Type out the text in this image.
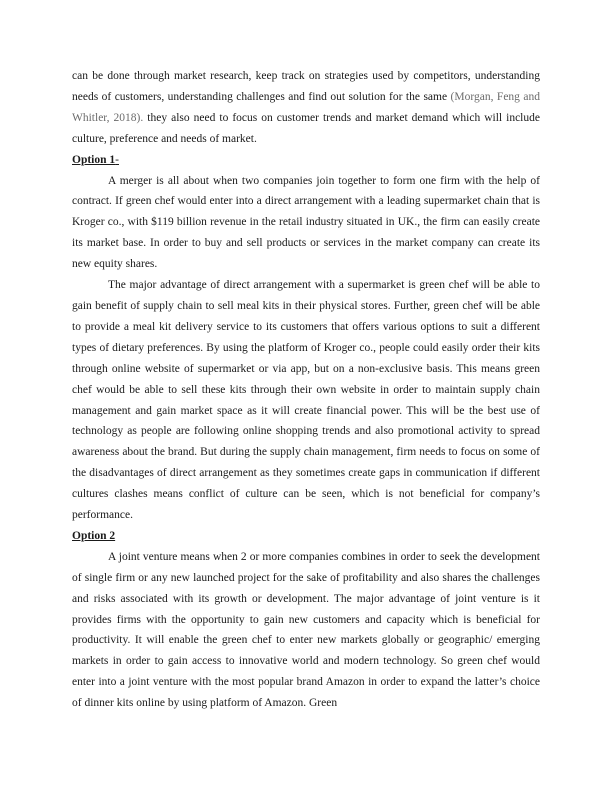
can be done through market research, keep track on strategies used by competitors, understanding needs of customers, understanding challenges and find out solution for the same (Morgan, Feng and Whitler, 2018). they also need to focus on customer trends and market demand which will include culture, preference and needs of market.

Option 1-

A merger is all about when two companies join together to form one firm with the help of contract. If green chef would enter into a direct arrangement with a leading supermarket chain that is Kroger co., with $119 billion revenue in the retail industry situated in UK., the firm can easily create its market base. In order to buy and sell products or services in the market company can create its new equity shares.

The major advantage of direct arrangement with a supermarket is green chef will be able to gain benefit of supply chain to sell meal kits in their physical stores. Further, green chef will be able to provide a meal kit delivery service to its customers that offers various options to suit a different types of dietary preferences. By using the platform of Kroger co., people could easily order their kits through online website of supermarket or via app, but on a non-exclusive basis. This means green chef would be able to sell these kits through their own website in order to maintain supply chain management and gain market space as it will create financial power. This will be the best use of technology as people are following online shopping trends and also promotional activity to spread awareness about the brand. But during the supply chain management, firm needs to focus on some of the disadvantages of direct arrangement as they sometimes create gaps in communication if different cultures clashes means conflict of culture can be seen, which is not beneficial for company’s performance.

Option 2

A joint venture means when 2 or more companies combines in order to seek the development of single firm or any new launched project for the sake of profitability and also shares the challenges and risks associated with its growth or development. The major advantage of joint venture is it provides firms with the opportunity to gain new customers and capacity which is beneficial for productivity. It will enable the green chef to enter new markets globally or geographic/ emerging markets in order to gain access to innovative world and modern technology. So green chef would enter into a joint venture with the most popular brand Amazon in order to expand the latter’s choice of dinner kits online by using platform of Amazon. Green
